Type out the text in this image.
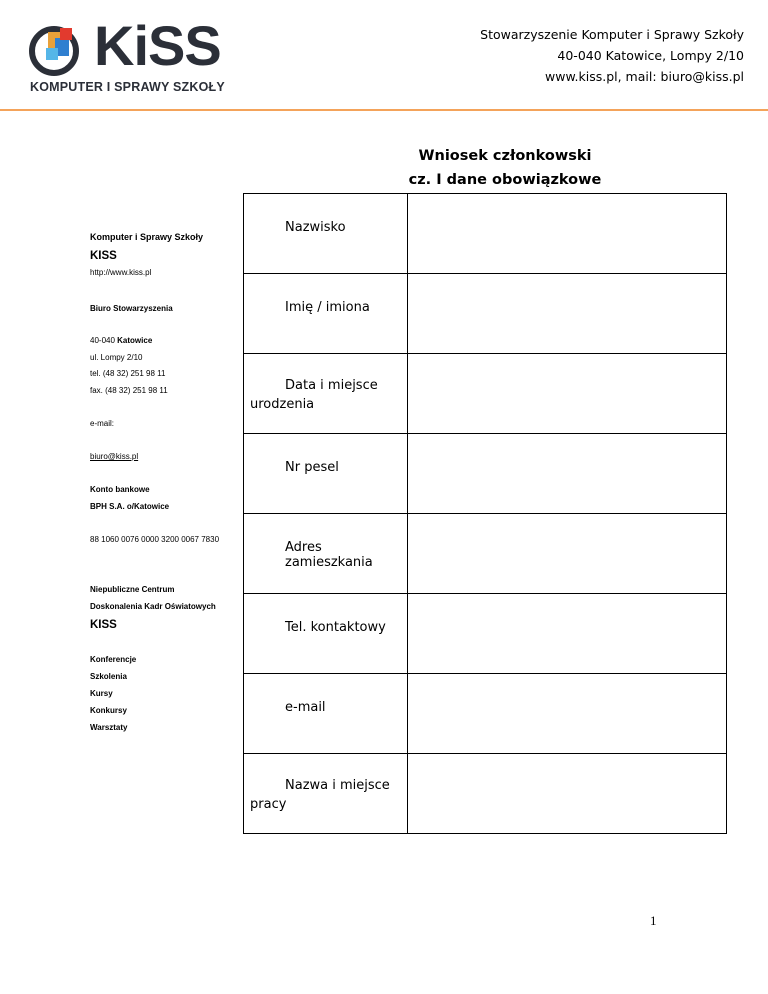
KiSS
KOMPUTER I SPRAWY SZKOŁY
Stowarzyszenie Komputer i Sprawy Szkoły
40-040 Katowice, Lompy 2/10
www.kiss.pl, mail: biuro@kiss.pl
Wniosek członkowski
cz. I dane obowiązkowe
Komputer i Sprawy Szkoły
KISS
http://www.kiss.pl
Biuro Stowarzyszenia
40-040 Katowice
ul. Lompy 2/10
tel. (48 32) 251 98 11
fax. (48 32) 251 98 11
e-mail:
biuro@kiss.pl
Konto bankowe
BPH S.A. o/Katowice
88 1060 0076 0000 3200 0067 7830
Niepubliczne Centrum
Doskonalenia Kadr Oświatowych
KISS
Konferencje
Szkolenia
Kursy
Konkursy
Warsztaty
Nazwisko	

Imię / imiona	

Data i miejsce urodzenia	

Nr pesel	

Adres zamieszkania	

Tel. kontaktowy	

e-mail	

Nazwa i miejsce pracy	

1
